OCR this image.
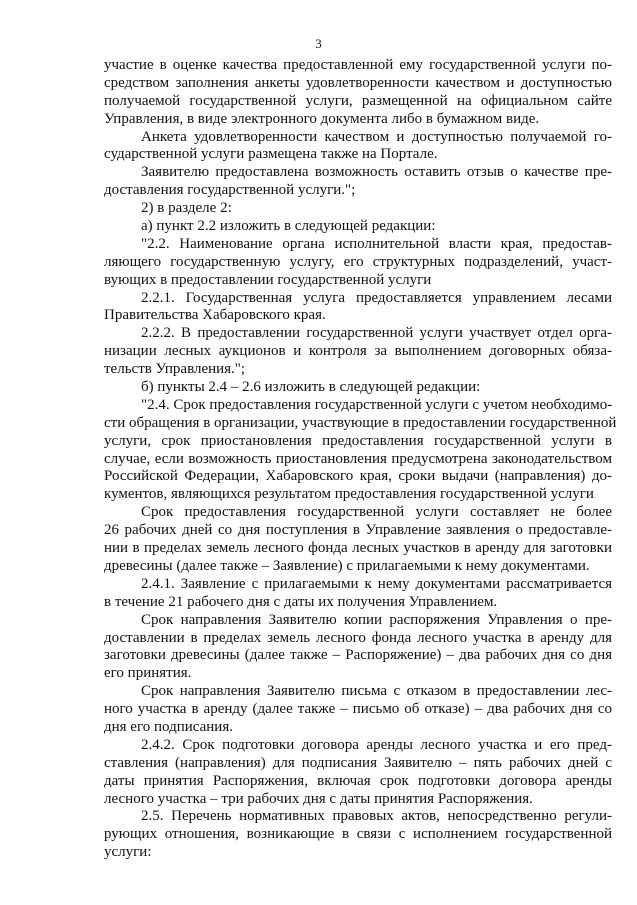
3
участие в оценке качества предоставленной ему государственной услуги по-
средством заполнения анкеты удовлетворенности качеством и доступностью
получаемой государственной услуги, размещенной на официальном сайте
Управления, в виде электронного документа либо в бумажном виде.
Анкета удовлетворенности качеством и доступностью получаемой го-
сударственной услуги размещена также на Портале.
Заявителю предоставлена возможность оставить отзыв о качестве пре-
доставления государственной услуги.";
2) в разделе 2:
а) пункт 2.2 изложить в следующей редакции:
"2.2. Наименование органа исполнительной власти края, предостав-
ляющего государственную услугу, его структурных подразделений, участ-
вующих в предоставлении государственной услуги
2.2.1. Государственная услуга предоставляется управлением лесами
Правительства Хабаровского края.
2.2.2. В предоставлении государственной услуги участвует отдел орга-
низации лесных аукционов и контроля за выполнением договорных обяза-
тельств Управления.";
б) пункты 2.4 – 2.6 изложить в следующей редакции:
"2.4. Срок предоставления государственной услуги с учетом необходимо-
сти обращения в организации, участвующие в предоставлении государственной
услуги, срок приостановления предоставления государственной услуги в
случае, если возможность приостановления предусмотрена законодательством
Российской Федерации, Хабаровского края, сроки выдачи (направления) до-
кументов, являющихся результатом предоставления государственной услуги
Срок предоставления государственной услуги составляет не более
26 рабочих дней со дня поступления в Управление заявления о предоставле-
нии в пределах земель лесного фонда лесных участков в аренду для заготовки
древесины (далее также – Заявление) с прилагаемыми к нему документами.
2.4.1. Заявление с прилагаемыми к нему документами рассматривается
в течение 21 рабочего дня с даты их получения Управлением.
Срок направления Заявителю копии распоряжения Управления о пре-
доставлении в пределах земель лесного фонда лесного участка в аренду для
заготовки древесины (далее также – Распоряжение) – два рабочих дня со дня
его принятия.
Срок направления Заявителю письма с отказом в предоставлении лес-
ного участка в аренду (далее также – письмо об отказе) – два рабочих дня со
дня его подписания.
2.4.2. Срок подготовки договора аренды лесного участка и его пред-
ставления (направления) для подписания Заявителю – пять рабочих дней с
даты принятия Распоряжения, включая срок подготовки договора аренды
лесного участка – три рабочих дня с даты принятия Распоряжения.
2.5. Перечень нормативных правовых актов, непосредственно регули-
рующих отношения, возникающие в связи с исполнением государственной
услуги:
